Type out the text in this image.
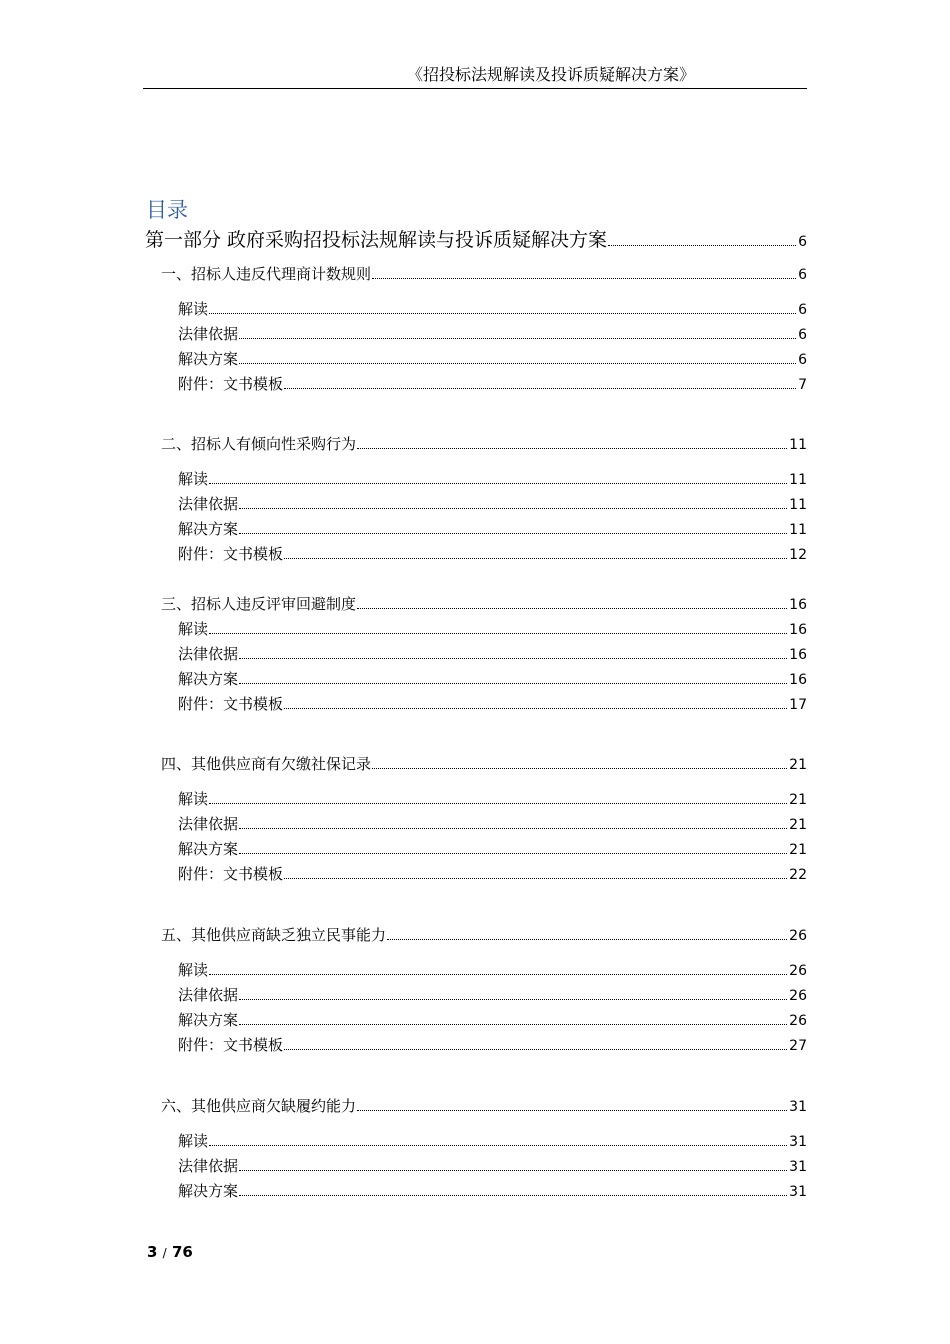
《招投标法规解读及投诉质疑解决方案》
目录
第一部分 政府采购招投标法规解读与投诉质疑解决方案	6
一、招标人违反代理商计数规则	6
解读	6
法律依据	6
解决方案	6
附件：文书模板	7
二、招标人有倾向性采购行为	11
解读	11
法律依据	11
解决方案	11
附件：文书模板	12
三、招标人违反评审回避制度	16
解读	16
法律依据	16
解决方案	16
附件：文书模板	17
四、其他供应商有欠缴社保记录	21
解读	21
法律依据	21
解决方案	21
附件：文书模板	22
五、其他供应商缺乏独立民事能力	26
解读	26
法律依据	26
解决方案	26
附件：文书模板	27
六、其他供应商欠缺履约能力	31
解读	31
法律依据	31
解决方案	31
3 / 76
